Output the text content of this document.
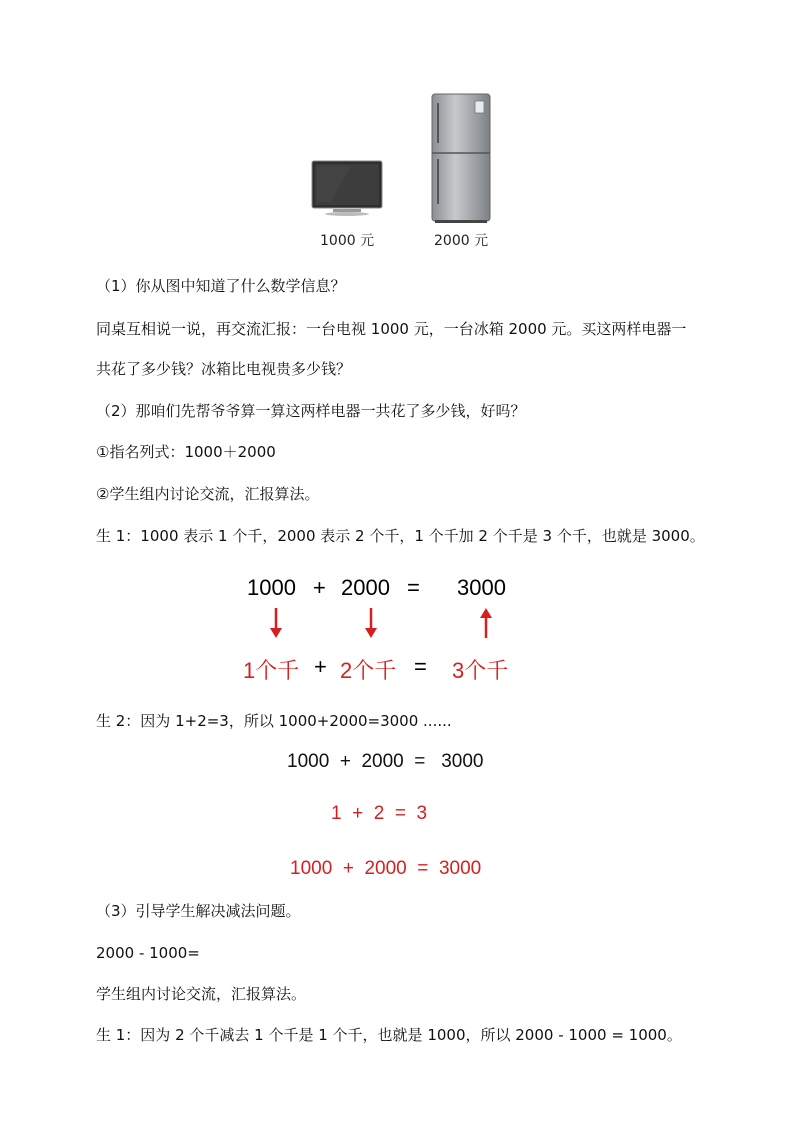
1000 元	2000 元
（1）你从图中知道了什么数学信息？
同桌互相说一说，再交流汇报：一台电视 1000 元，一台冰箱 2000 元。买这两样电器一
共花了多少钱？冰箱比电视贵多少钱？
（2）那咱们先帮爷爷算一算这两样电器一共花了多少钱，好吗？
①指名列式：1000＋2000
②学生组内讨论交流，汇报算法。
生 1：1000 表示 1 个千，2000 表示 2 个千，1 个千加 2 个千是 3 个千，也就是 3000。
1000 + 2000 = 3000
1个千 + 2个千 = 3个千
生 2：因为 1+2=3，所以 1000+2000=3000 ......
1000  +  2000  =   3000
1  +  2  =  3
1000  +  2000  =  3000
（3）引导学生解决减法问题。
2000 - 1000=
学生组内讨论交流，汇报算法。
生 1：因为 2 个千减去 1 个千是 1 个千，也就是 1000，所以 2000 - 1000 = 1000。
